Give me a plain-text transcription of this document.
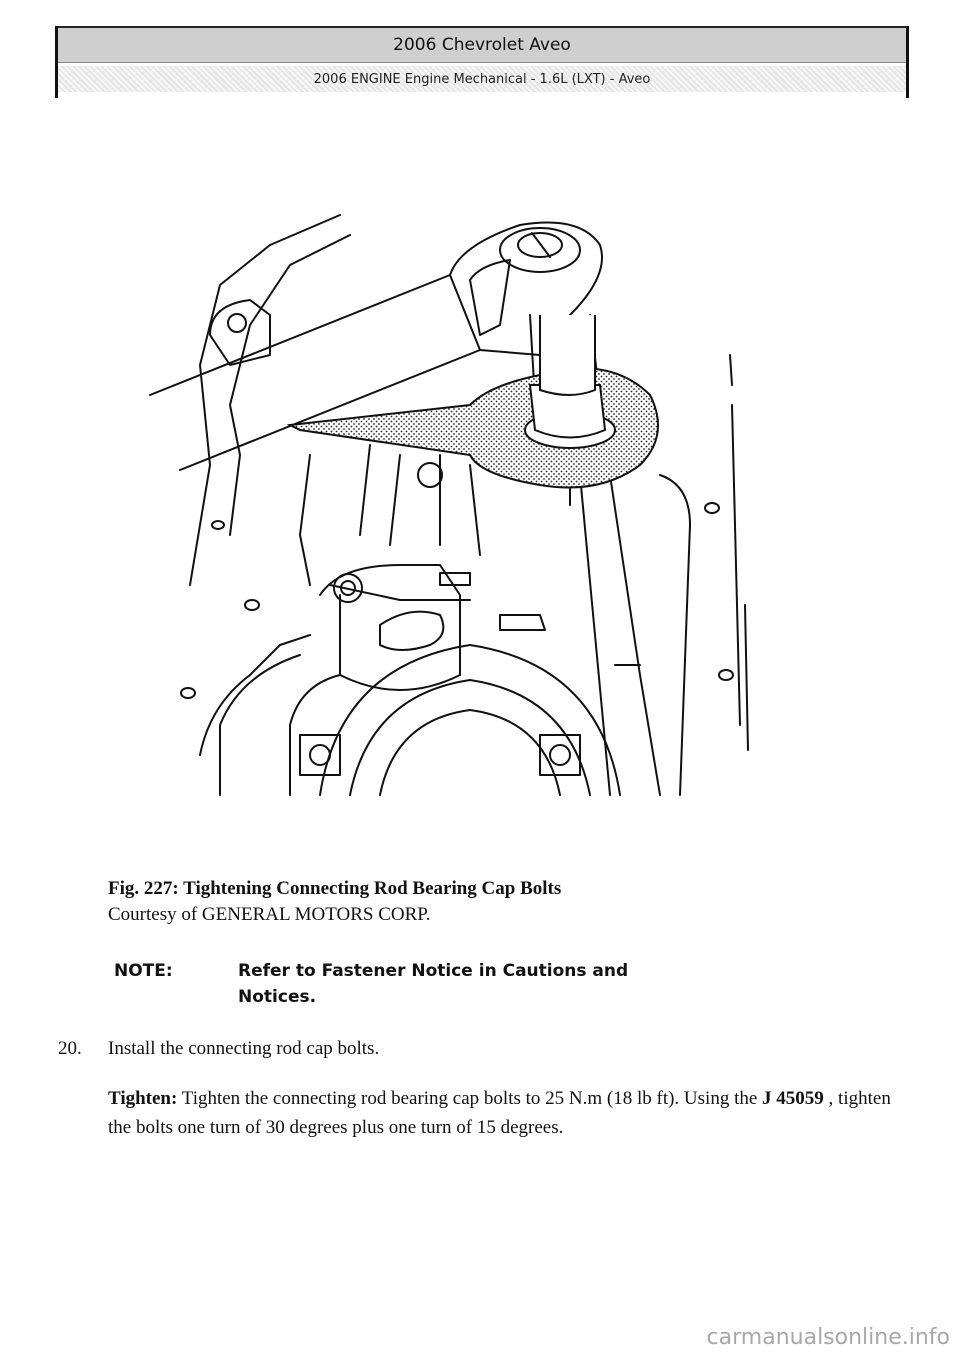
2006 Chevrolet Aveo
2006 ENGINE Engine Mechanical - 1.6L (LXT) - Aveo
Fig. 227: Tightening Connecting Rod Bearing Cap Bolts
Courtesy of GENERAL MOTORS CORP.
NOTE:	Refer to Fastener Notice in Cautions and Notices.
20. Install the connecting rod cap bolts.
Tighten: Tighten the connecting rod bearing cap bolts to 25 N.m (18 lb ft). Using the J 45059 , tighten the bolts one turn of 30 degrees plus one turn of 15 degrees.
carmanualsonline.info
